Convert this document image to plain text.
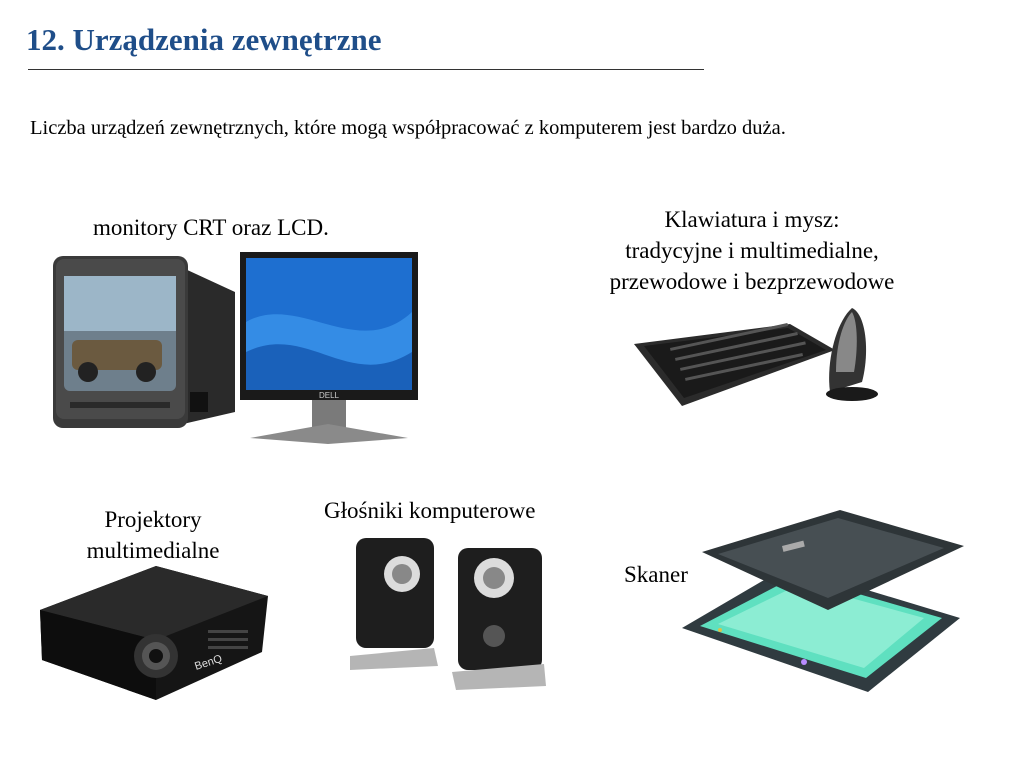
12. Urządzenia zewnętrzne
Liczba urządzeń zewnętrznych, które mogą współpracować z komputerem jest bardzo duża.
monitory CRT oraz LCD.
DELL
Klawiatura i mysz:
tradycyjne i multimedialne,
przewodowe i bezprzewodowe
Projektory
multimedialne
BenQ
Głośniki komputerowe
Skaner
